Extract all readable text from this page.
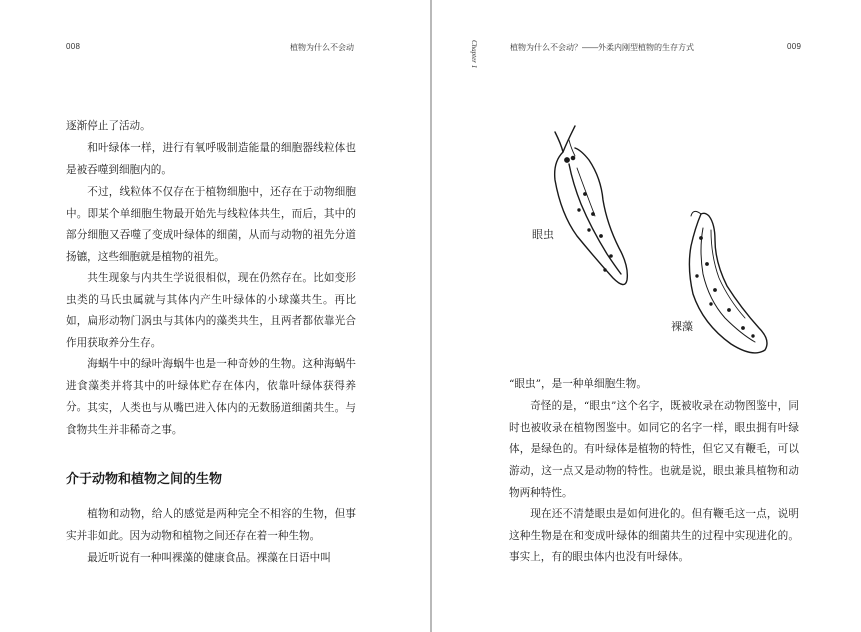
008	植物为什么不会动

逐渐停止了活动。

和叶绿体一样，进行有氧呼吸制造能量的细胞器线粒体也是被吞噬到细胞内的。

不过，线粒体不仅存在于植物细胞中，还存在于动物细胞中。即某个单细胞生物最开始先与线粒体共生，而后，其中的部分细胞又吞噬了变成叶绿体的细菌，从而与动物的祖先分道扬镳，这些细胞就是植物的祖先。

共生现象与内共生学说很相似，现在仍然存在。比如变形虫类的马氏虫属就与其体内产生叶绿体的小球藻共生。再比如，扁形动物门涡虫与其体内的藻类共生，且两者都依靠光合作用获取养分生存。

海蜗牛中的绿叶海蜗牛也是一种奇妙的生物。这种海蜗牛进食藻类并将其中的叶绿体贮存在体内，依靠叶绿体获得养分。 其实，人类也与从嘴巴进入体内的无数肠道细菌共生。与食物共生并非稀奇之事。

介于动物和植物之间的生物

植物和动物，给人的感觉是两种完全不相容的生物，但事实并非如此。因为动物和植物之间还存在着一种生物。

最近听说有一种叫裸藻的健康食品。裸藻在日语中叫

Chapter 1	植物为什么不会动？——外柔内刚型植物的生存方式	009
眼虫
裸藻

“眼虫”，是一种单细胞生物。

奇怪的是，“眼虫”这个名字，既被收录在动物图鉴中，同时也被收录在植物图鉴中。如同它的名字一样，眼虫拥有叶绿体，是绿色的。有叶绿体是植物的特性，但它又有鞭毛，可以游动，这一点又是动物的特性。也就是说，眼虫兼具植物和动物两种特性。

现在还不清楚眼虫是如何进化的。但有鞭毛这一点，说明这种生物是在和变成叶绿体的细菌共生的过程中实现进化的。事实上，有的眼虫体内也没有叶绿体。
